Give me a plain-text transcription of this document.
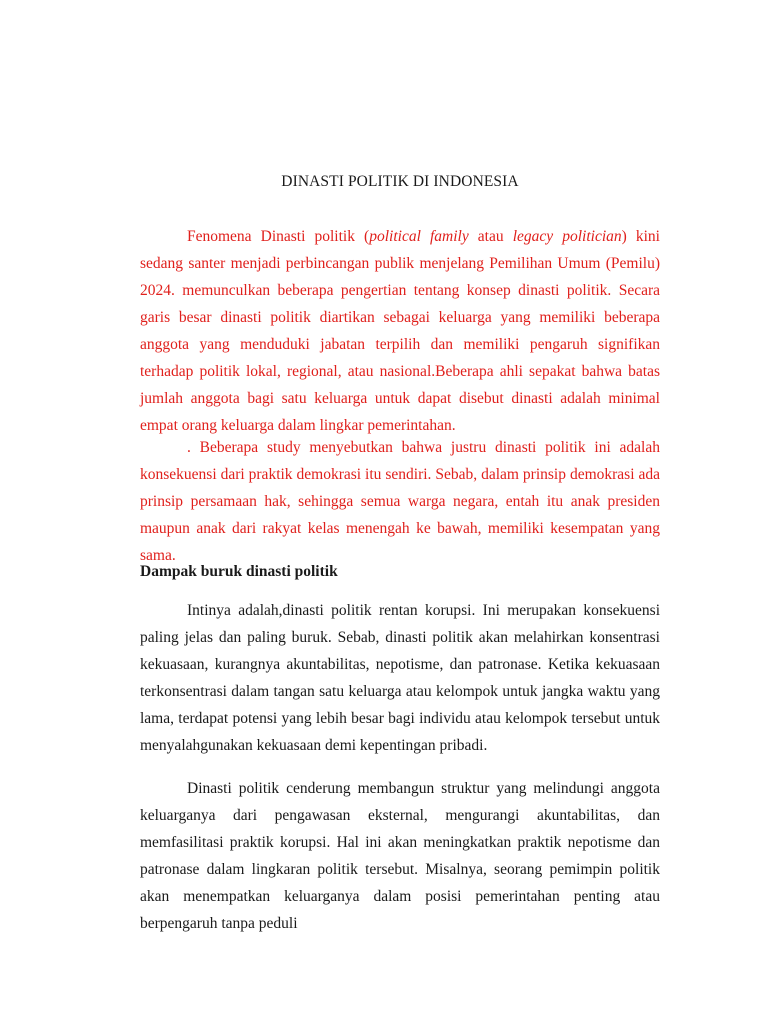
DINASTI POLITIK DI INDONESIA

Fenomena Dinasti politik (political family atau legacy politician) kini sedang santer menjadi perbincangan publik menjelang Pemilihan Umum (Pemilu) 2024. memunculkan beberapa pengertian tentang konsep dinasti politik. Secara garis besar dinasti politik diartikan sebagai keluarga yang memiliki beberapa anggota yang menduduki jabatan terpilih dan memiliki pengaruh signifikan terhadap politik lokal, regional, atau nasional.Beberapa ahli sepakat bahwa batas jumlah anggota bagi satu keluarga untuk dapat disebut dinasti adalah minimal empat orang keluarga dalam lingkar pemerintahan.

. Beberapa study menyebutkan bahwa justru dinasti politik ini adalah konsekuensi dari praktik demokrasi itu sendiri. Sebab, dalam prinsip demokrasi ada prinsip persamaan hak, sehingga semua warga negara, entah itu anak presiden maupun anak dari rakyat kelas menengah ke bawah, memiliki kesempatan yang sama.

Dampak buruk dinasti politik

Intinya adalah,dinasti politik rentan korupsi. Ini merupakan konsekuensi paling jelas dan paling buruk. Sebab, dinasti politik akan melahirkan konsentrasi kekuasaan, kurangnya akuntabilitas, nepotisme, dan patronase. Ketika kekuasaan terkonsentrasi dalam tangan satu keluarga atau kelompok untuk jangka waktu yang lama, terdapat potensi yang lebih besar bagi individu atau kelompok tersebut untuk menyalahgunakan kekuasaan demi kepentingan pribadi.

Dinasti politik cenderung membangun struktur yang melindungi anggota keluarganya dari pengawasan eksternal, mengurangi akuntabilitas, dan memfasilitasi praktik korupsi. Hal ini akan meningkatkan praktik nepotisme dan patronase dalam lingkaran politik tersebut. Misalnya, seorang pemimpin politik akan menempatkan keluarganya dalam posisi pemerintahan penting atau berpengaruh tanpa peduli
